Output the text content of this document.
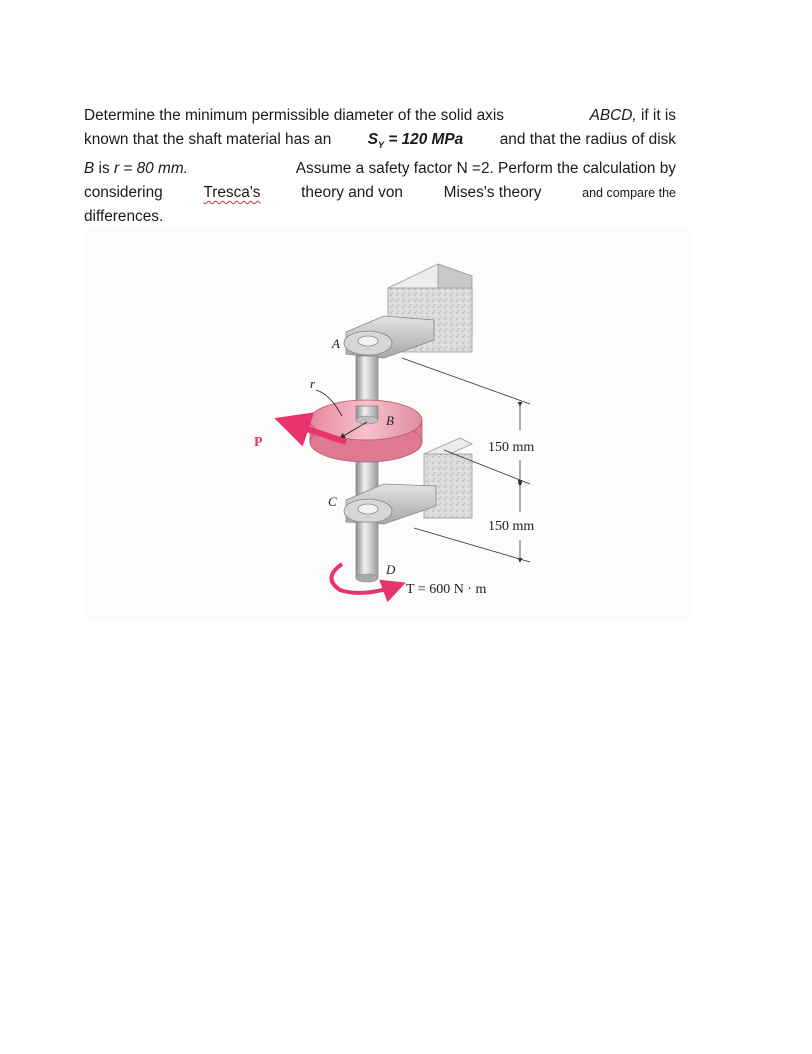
Determine the minimum permissible diameter of the solid axis	ABCD, if it is
known that the shaft material has an $S_Y = 120$ MPa and that the radius of disk
B is r = 80 mm.	Assume a safety factor N =2. Perform the calculation by
considering	Tresca's	theory and von	Mises's theory	and compare the
differences.
A
r
B
P
C
D
150 mm
150 mm
T = 600 N · m
